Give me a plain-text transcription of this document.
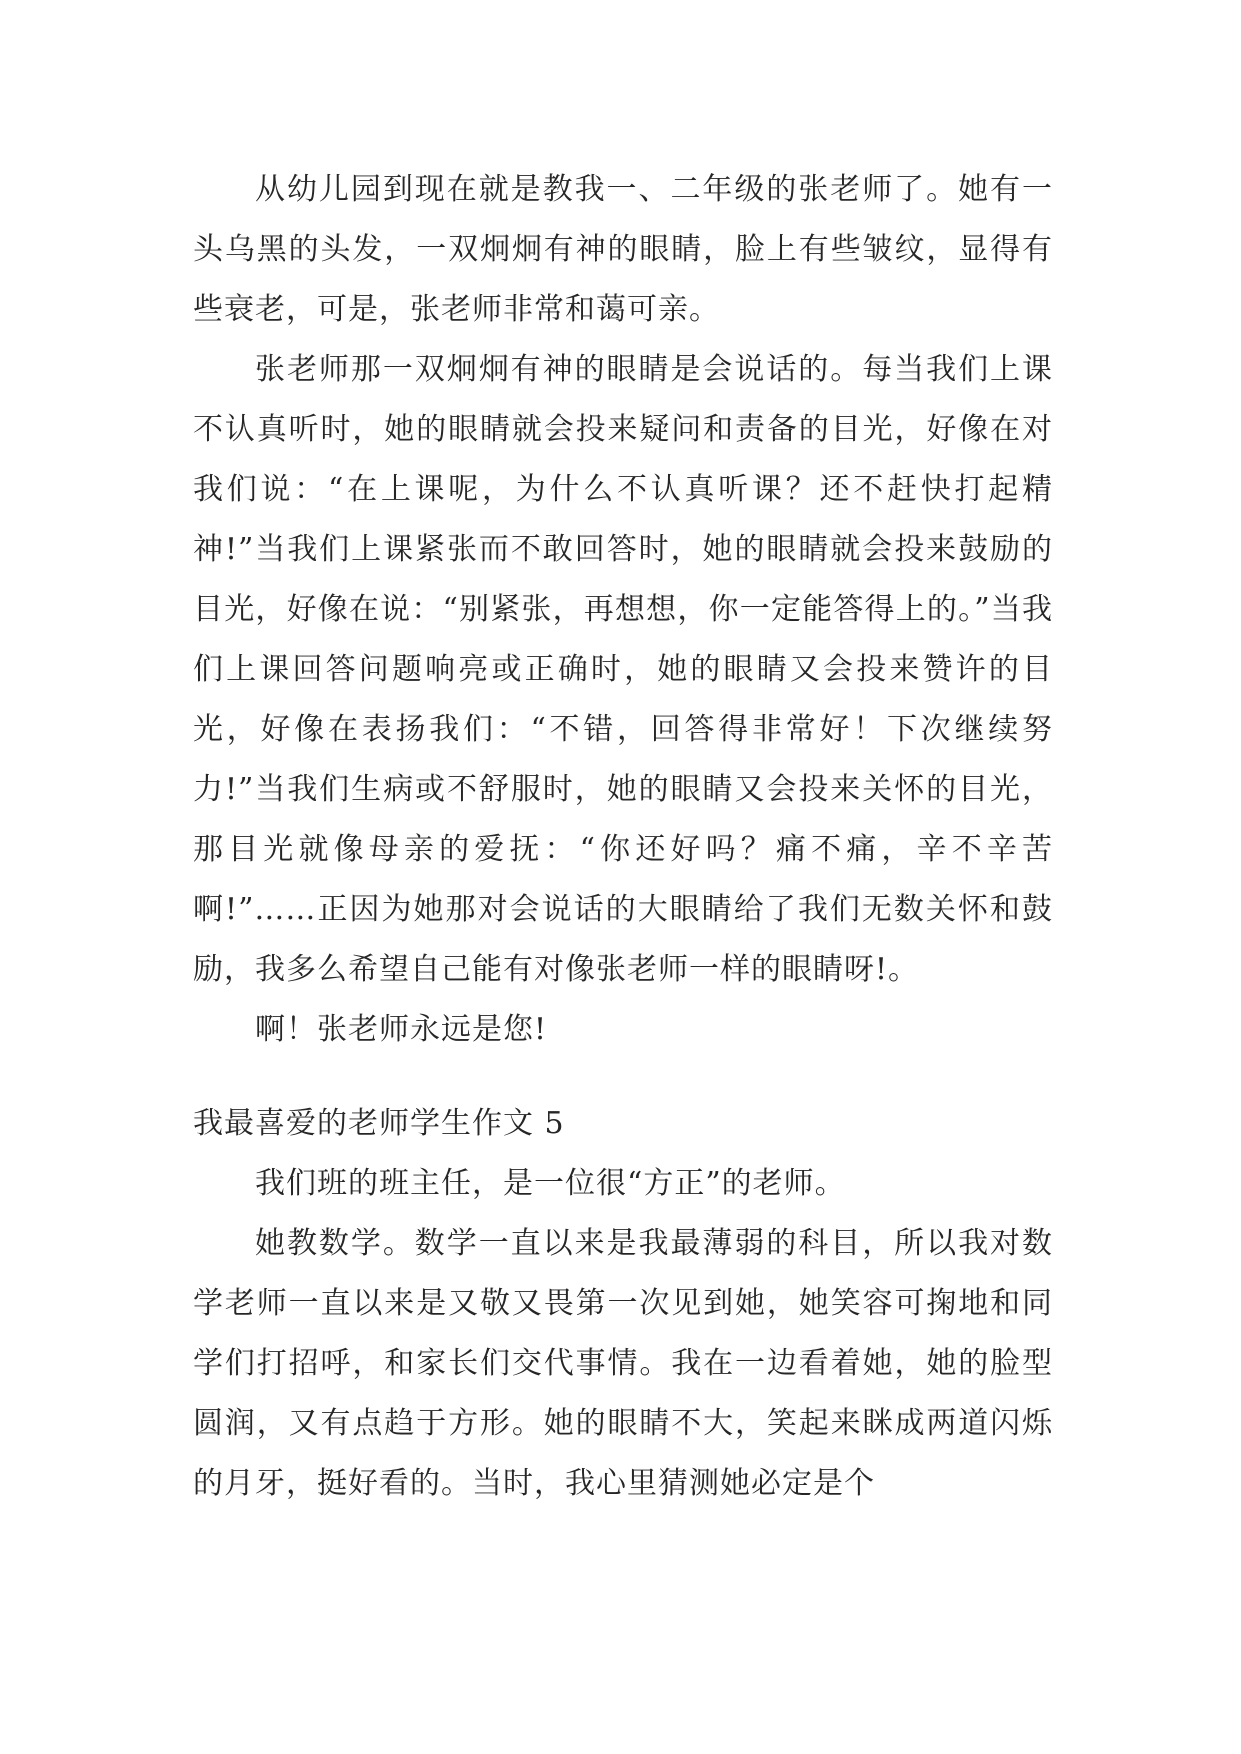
从幼儿园到现在就是教我一、二年级的张老师了。她有一头乌黑的头发，一双炯炯有神的眼睛，脸上有些皱纹，显得有些衰老，可是，张老师非常和蔼可亲。

张老师那一双炯炯有神的眼睛是会说话的。每当我们上课不认真听时，她的眼睛就会投来疑问和责备的目光，好像在对我们说：“在上课呢，为什么不认真听课？还不赶快打起精神!”当我们上课紧张而不敢回答时，她的眼睛就会投来鼓励的目光，好像在说：“别紧张，再想想，你一定能答得上的。”当我们上课回答问题响亮或正确时，她的眼睛又会投来赞许的目光，好像在表扬我们：“不错，回答得非常好！下次继续努力!”当我们生病或不舒服时，她的眼睛又会投来关怀的目光，那目光就像母亲的爱抚：“你还好吗？痛不痛，辛不辛苦啊!”……正因为她那对会说话的大眼睛给了我们无数关怀和鼓励，我多么希望自己能有对像张老师一样的眼睛呀!。

啊！张老师永远是您!

我最喜爱的老师学生作文 5

我们班的班主任，是一位很“方正”的老师。

她教数学。数学一直以来是我最薄弱的科目，所以我对数学老师一直以来是又敬又畏第一次见到她，她笑容可掬地和同学们打招呼，和家长们交代事情。我在一边看着她，她的脸型圆润，又有点趋于方形。她的眼睛不大，笑起来眯成两道闪烁的月牙，挺好看的。当时，我心里猜测她必定是个
